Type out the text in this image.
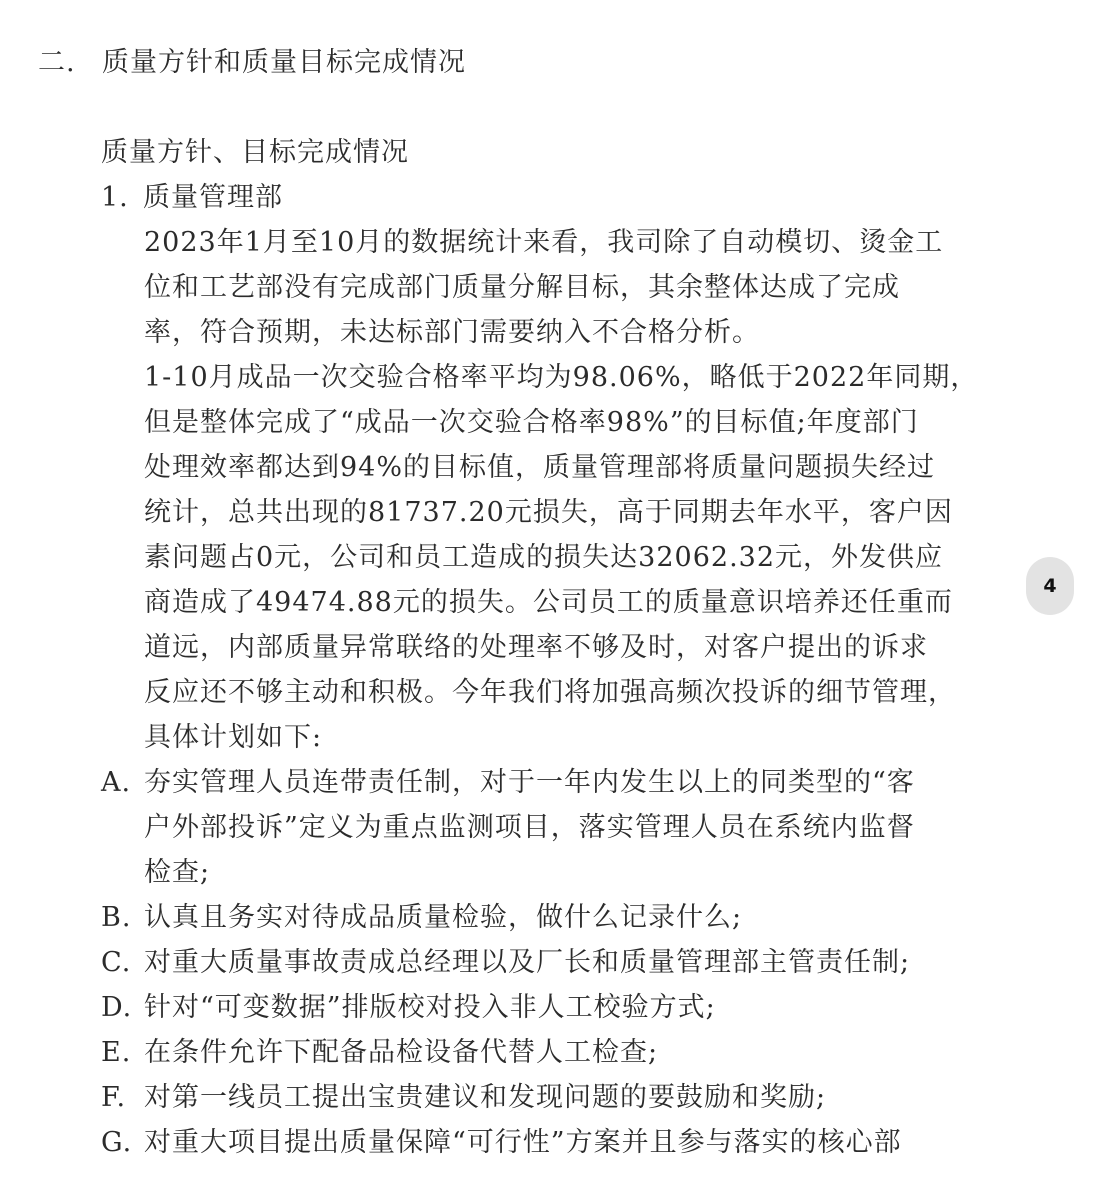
二. 质量方针和质量目标完成情况
质量方针、目标完成情况
1. 质量管理部
2023年1月至10月的数据统计来看，我司除了自动模切、烫金工
位和工艺部没有完成部门质量分解目标，其余整体达成了完成
率，符合预期，未达标部门需要纳入不合格分析。
1-10月成品一次交验合格率平均为98.06%，略低于2022年同期，
但是整体完成了“成品一次交验合格率98%”的目标值;年度部门
处理效率都达到94%的目标值，质量管理部将质量问题损失经过
统计，总共出现的81737.20元损失，高于同期去年水平，客户因
素问题占0元，公司和员工造成的损失达32062.32元，外发供应
商造成了49474.88元的损失。公司员工的质量意识培养还任重而
道远，内部质量异常联络的处理率不够及时，对客户提出的诉求
反应还不够主动和积极。今年我们将加强高频次投诉的细节管理，
具体计划如下:
A. 夯实管理人员连带责任制，对于一年内发生以上的同类型的“客
户外部投诉”定义为重点监测项目，落实管理人员在系统内监督
检查;
B. 认真且务实对待成品质量检验，做什么记录什么;
C. 对重大质量事故责成总经理以及厂长和质量管理部主管责任制;
D. 针对“可变数据”排版校对投入非人工校验方式;
E. 在条件允许下配备品检设备代替人工检查;
F. 对第一线员工提出宝贵建议和发现问题的要鼓励和奖励;
G. 对重大项目提出质量保障“可行性”方案并且参与落实的核心部
4
